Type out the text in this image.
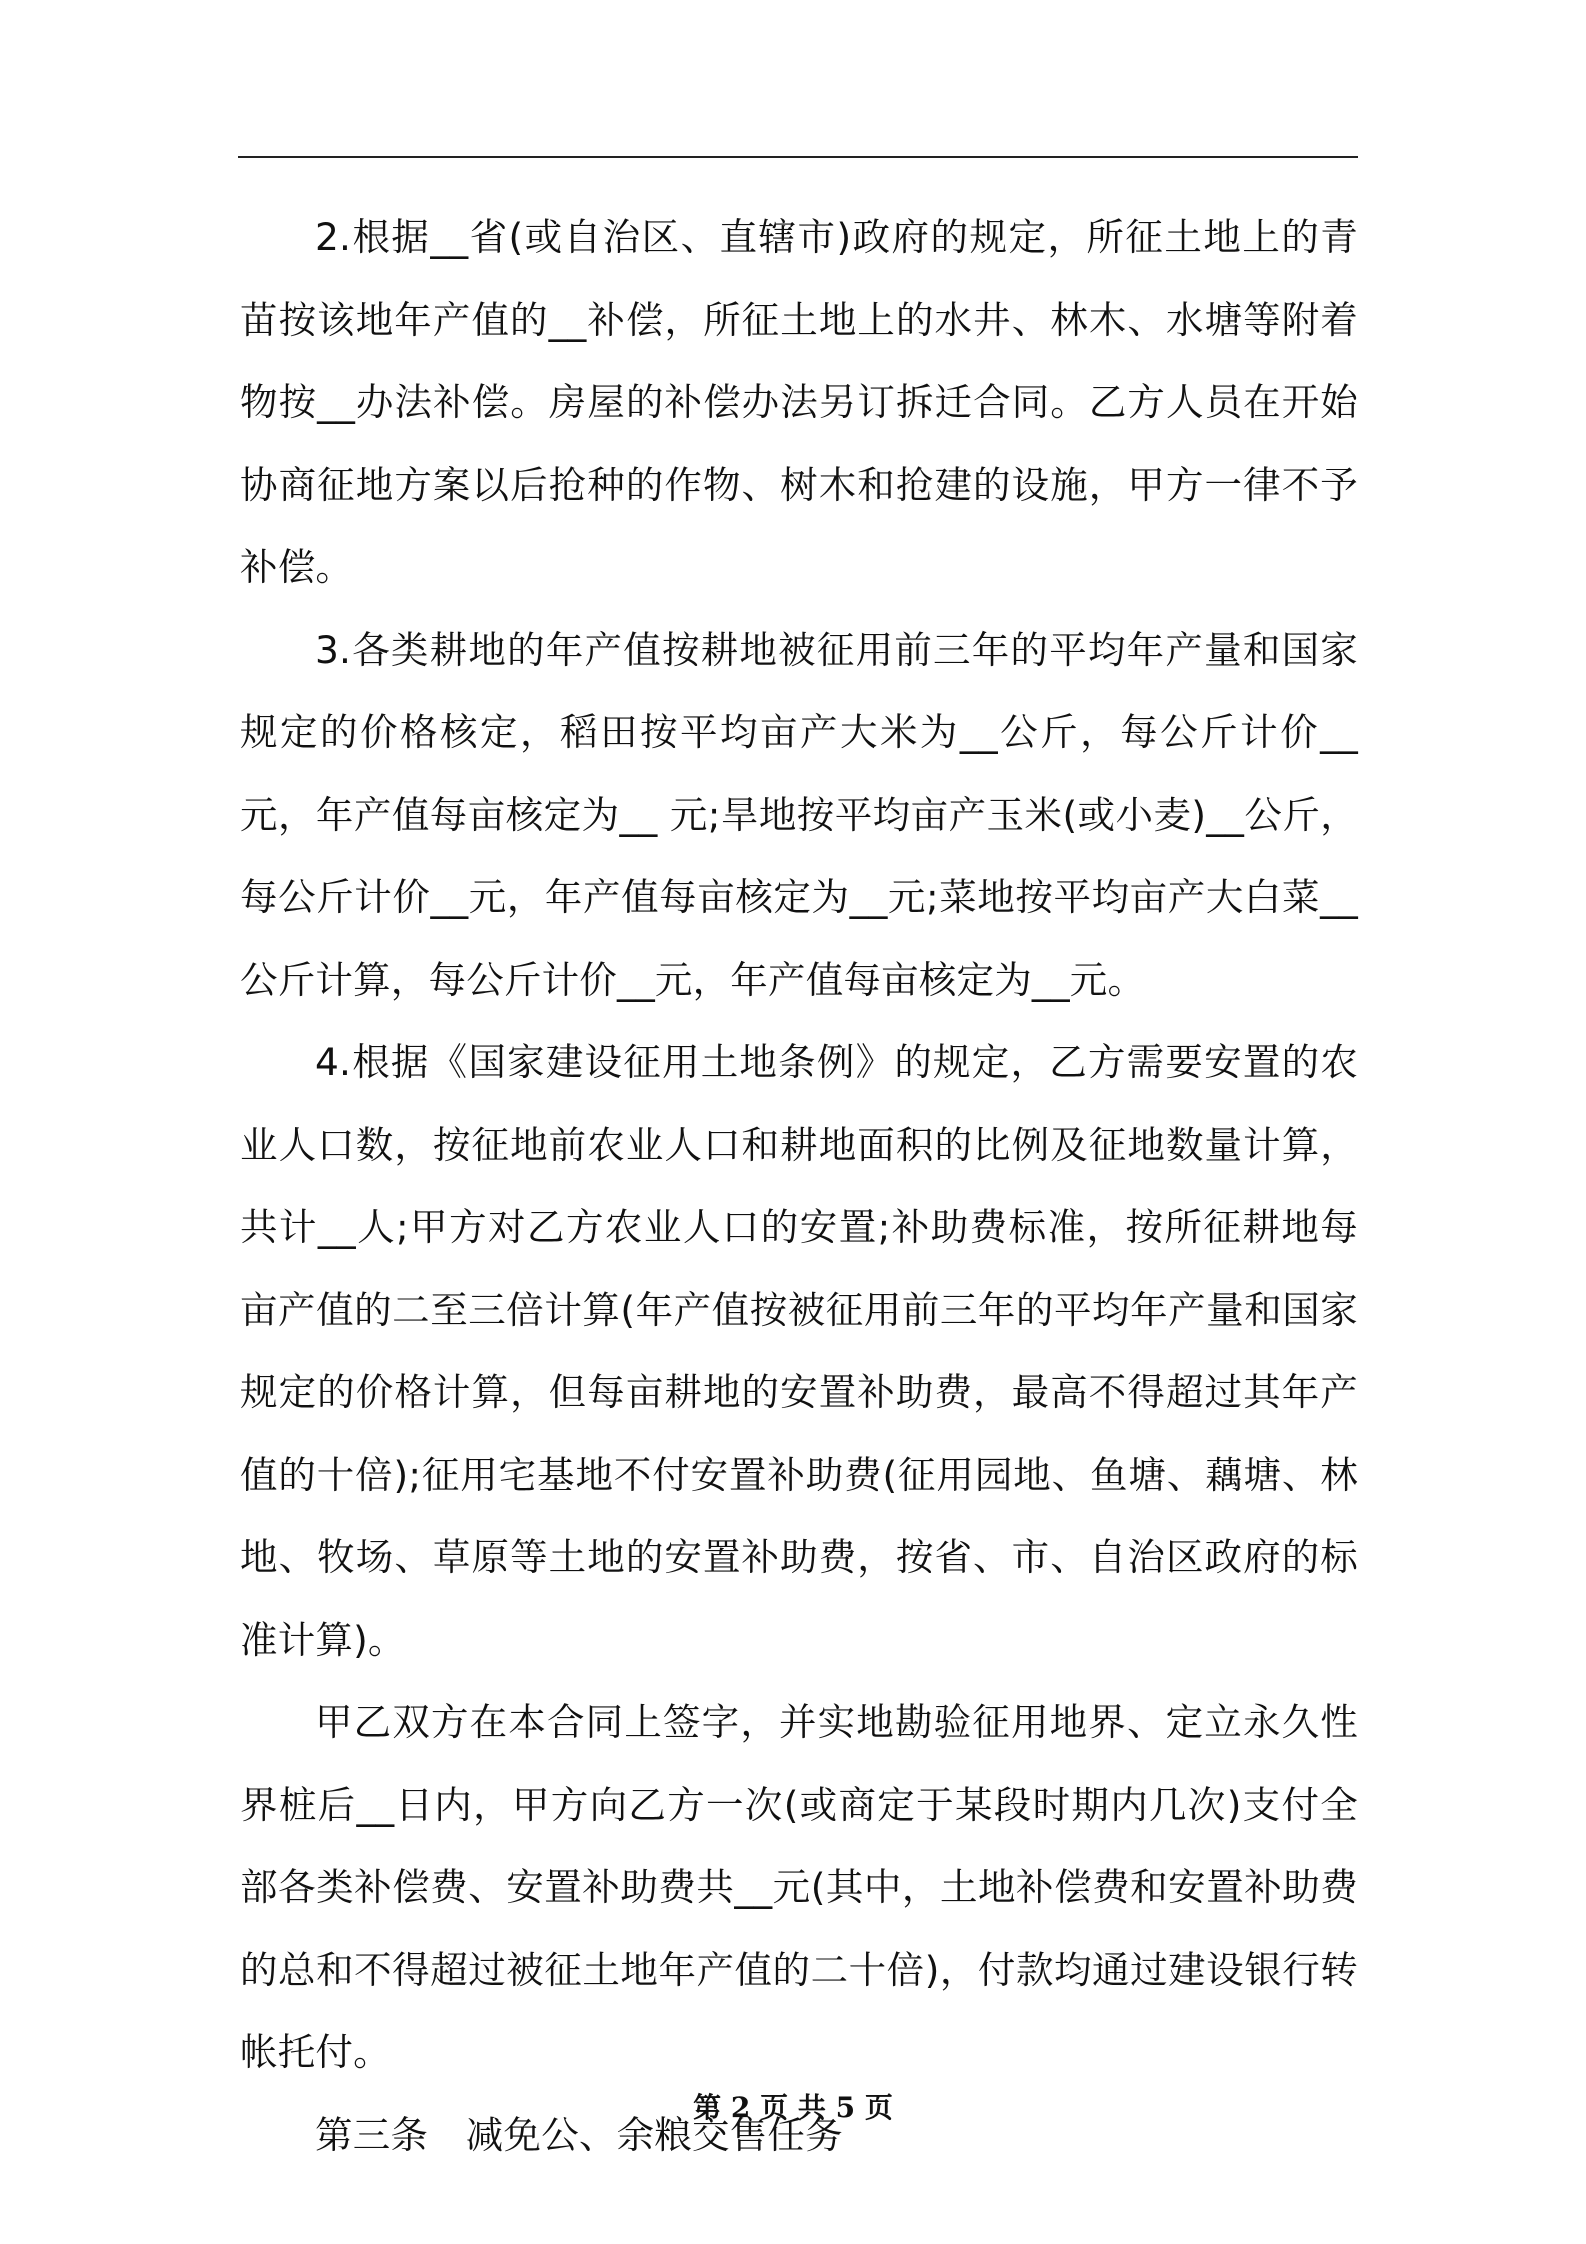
2.根据__省(或自治区、直辖市)政府的规定，所征土地上的青苗按该地年产值的__补偿，所征土地上的水井、林木、水塘等附着物按__办法补偿。房屋的补偿办法另订拆迁合同。乙方人员在开始协商征地方案以后抢种的作物、树木和抢建的设施，甲方一律不予补偿。

3.各类耕地的年产值按耕地被征用前三年的平均年产量和国家规定的价格核定，稻田按平均亩产大米为__公斤，每公斤计价__元，年产值每亩核定为__ 元;旱地按平均亩产玉米(或小麦)__公斤，每公斤计价__元，年产值每亩核定为__元;菜地按平均亩产大白菜__公斤计算，每公斤计价__元，年产值每亩核定为__元。

4.根据《国家建设征用土地条例》的规定，乙方需要安置的农业人口数，按征地前农业人口和耕地面积的比例及征地数量计算，共计__人;甲方对乙方农业人口的安置;补助费标准，按所征耕地每亩产值的二至三倍计算(年产值按被征用前三年的平均年产量和国家规定的价格计算，但每亩耕地的安置补助费，最高不得超过其年产值的十倍);征用宅基地不付安置补助费(征用园地、鱼塘、藕塘、林地、牧场、草原等土地的安置补助费，按省、市、自治区政府的标准计算)。

甲乙双方在本合同上签字，并实地勘验征用地界、定立永久性界桩后__日内，甲方向乙方一次(或商定于某段时期内几次)支付全部各类补偿费、安置补助费共__元(其中，土地补偿费和安置补助费的总和不得超过被征土地年产值的二十倍)，付款均通过建设银行转帐托付。

第三条　减免公、余粮交售任务

第 2 页 共 5 页
